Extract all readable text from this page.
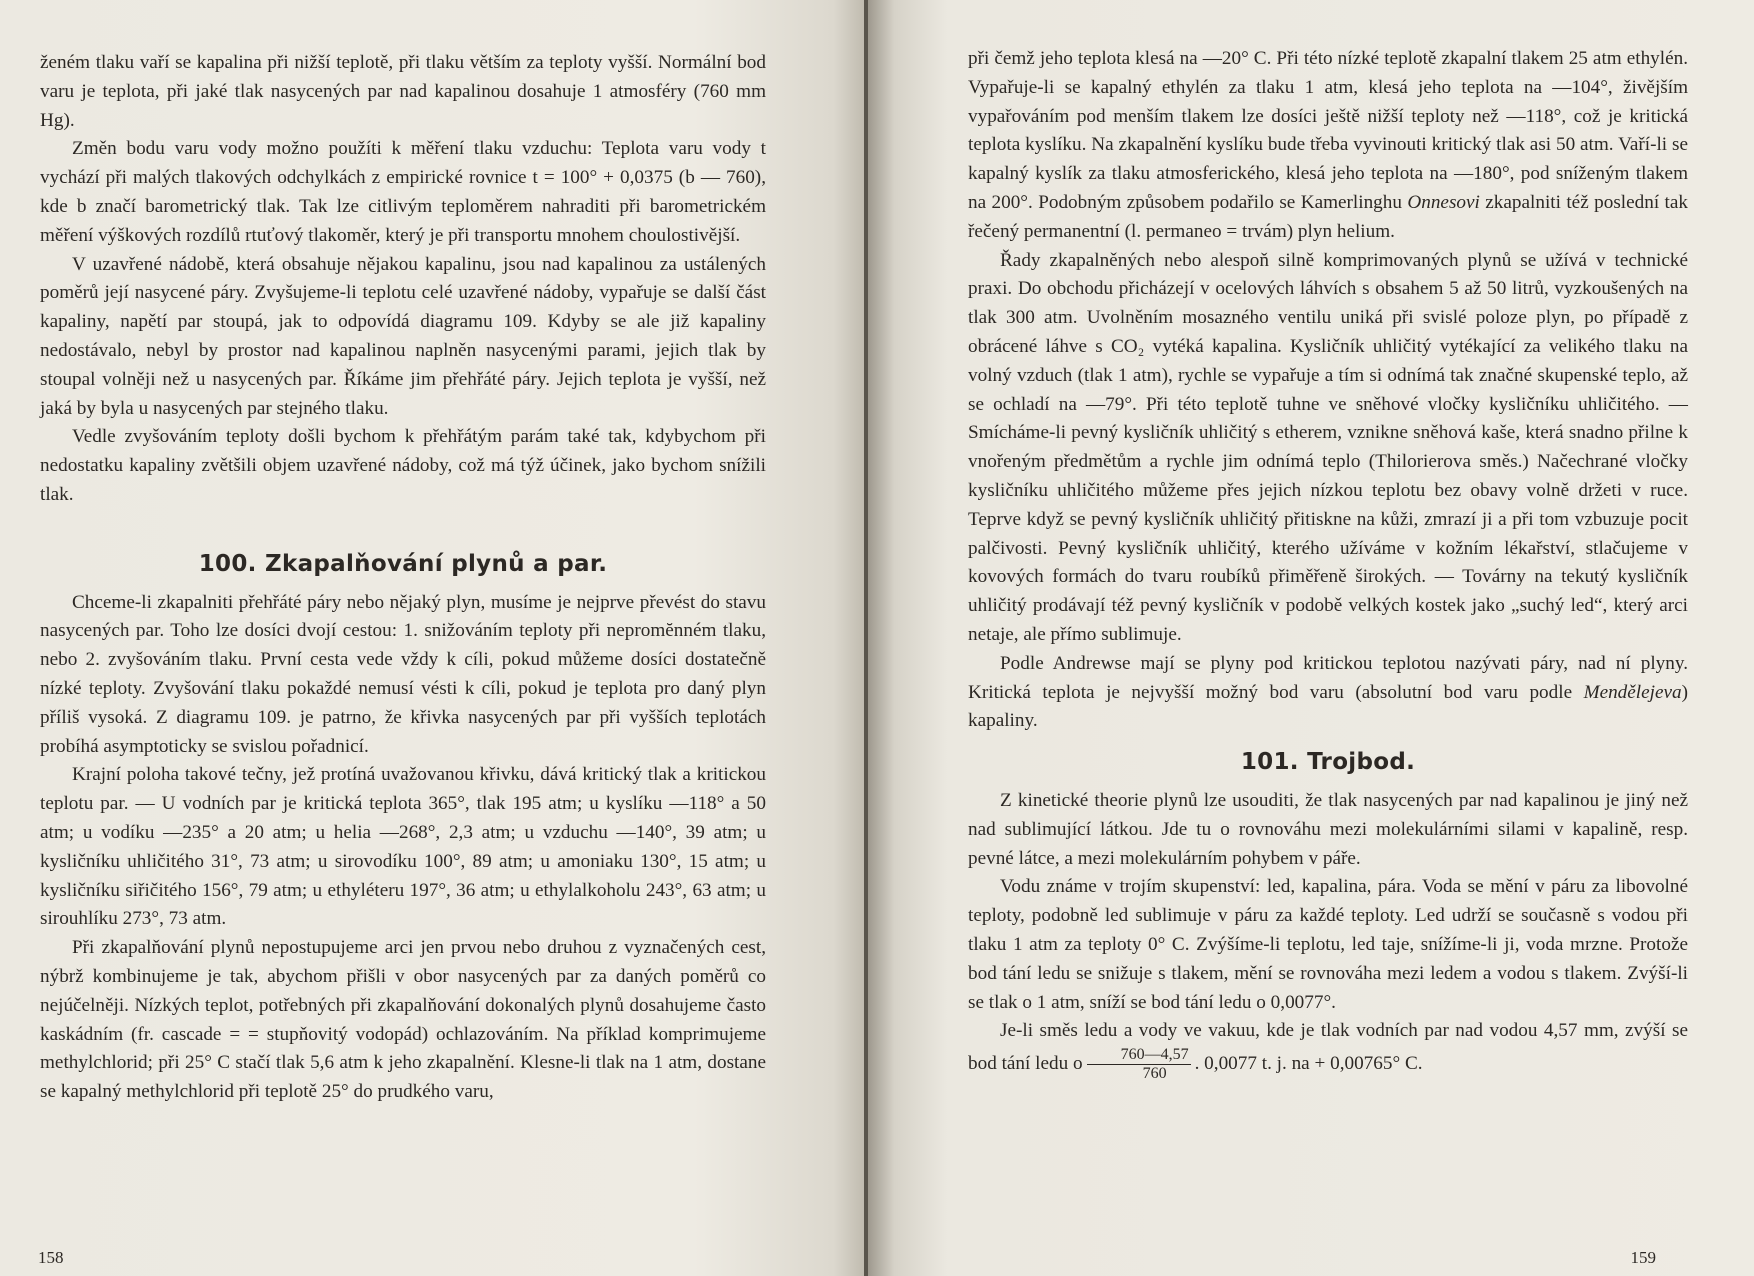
ženém tlaku vaří se kapalina při nižší teplotě, při tlaku větším za teploty vyšší. Normální bod varu je teplota, při jaké tlak nasycených par nad kapalinou dosahuje 1 atmosféry (760 mm Hg).

Změn bodu varu vody možno použíti k měření tlaku vzduchu: Teplota varu vody t vychází při malých tlakových odchylkách z empirické rovnice t = 100° + 0,0375 (b — 760), kde b značí barometrický tlak. Tak lze citlivým teploměrem nahraditi při barometrickém měření výškových rozdílů rtuťový tlakoměr, který je při transportu mnohem choulostivější.

V uzavřené nádobě, která obsahuje nějakou kapalinu, jsou nad kapalinou za ustálených poměrů její nasycené páry. Zvyšujeme-li teplotu celé uzavřené nádoby, vypařuje se další část kapaliny, napětí par stoupá, jak to odpovídá diagramu 109. Kdyby se ale již kapaliny nedostávalo, nebyl by prostor nad kapalinou naplněn nasycenými parami, jejich tlak by stoupal volněji než u nasycených par. Říkáme jim přehřáté páry. Jejich teplota je vyšší, než jaká by byla u nasycených par stejného tlaku.

Vedle zvyšováním teploty došli bychom k přehřátým parám také tak, kdybychom při nedostatku kapaliny zvětšili objem uzavřené nádoby, což má týž účinek, jako bychom snížili tlak.

100. Zkapalňování plynů a par.

Chceme-li zkapalniti přehřáté páry nebo nějaký plyn, musíme je nejprve převést do stavu nasycených par. Toho lze dosíci dvojí cestou: 1. snižováním teploty při nepromĕnném tlaku, nebo 2. zvyšováním tlaku. První cesta vede vždy k cíli, pokud můžeme dosíci dostatečně nízké teploty. Zvyšování tlaku pokaždé nemusí vésti k cíli, pokud je teplota pro daný plyn příliš vysoká. Z diagramu 109. je patrno, že křivka nasycených par při vyšších teplotách probíhá asymptoticky se svislou pořadnicí.

Krajní poloha takové tečny, jež protíná uvažovanou křivku, dává kritický tlak a kritickou teplotu par. — U vodních par je kritická teplota 365°, tlak 195 atm; u kyslíku —118° a 50 atm; u vodíku —235° a 20 atm; u helia —268°, 2,3 atm; u vzduchu —140°, 39 atm; u kysličníku uhličitého 31°, 73 atm; u sirovodíku 100°, 89 atm; u amoniaku 130°, 15 atm; u kysličníku siřičitého 156°, 79 atm; u ethyléteru 197°, 36 atm; u ethylalkoholu 243°, 63 atm; u sirouhlíku 273°, 73 atm.

Při zkapalňování plynů nepostupujeme arci jen prvou nebo druhou z vyznačených cest, nýbrž kombinujeme je tak, abychom přišli v obor nasycených par za daných poměrů co nejúčelněji. Nízkých teplot, potřebných při zkapalňování dokonalých plynů dosahujeme často kaskádním (fr. cascade = = stupňovitý vodopád) ochlazováním. Na příklad komprimujeme methylchlorid; při 25° C stačí tlak 5,6 atm k jeho zkapalnění. Klesne-li tlak na 1 atm, dostane se kapalný methylchlorid při teplotě 25° do prudkého varu,

158

při čemž jeho teplota klesá na —20° C. Při této nízké teplotě zkapalní tlakem 25 atm ethylén. Vypařuje-li se kapalný ethylén za tlaku 1 atm, klesá jeho teplota na —104°, živějším vypařováním pod menším tlakem lze dosíci ještě nižší teploty než —118°, což je kritická teplota kyslíku. Na zkapalnění kyslíku bude třeba vyvinouti kritický tlak asi 50 atm. Vaří-li se kapalný kyslík za tlaku atmosferického, klesá jeho teplota na —180°, pod sníženým tlakem na 200°. Podobným způsobem podařilo se Kamerlinghu Onnesovi zkapalniti též poslední tak řečený permanentní (l. permaneo = trvám) plyn helium.

Řady zkapalněných nebo alespoň silně komprimovaných plynů se užívá v technické praxi. Do obchodu přicházejí v ocelových láhvích s obsahem 5 až 50 litrů, vyzkoušených na tlak 300 atm. Uvolněním mosazného ventilu uniká při svislé poloze plyn, po případě z obrácené láhve s CO₂ vytéká kapalina. Kysličník uhličitý vytékající za velikého tlaku na volný vzduch (tlak 1 atm), rychle se vypařuje a tím si odnímá tak značné skupenské teplo, až se ochladí na —79°. Při této teplotě tuhne ve sněhové vločky kysličníku uhličitého. — Smícháme-li pevný kysličník uhličitý s etherem, vznikne sněhová kaše, která snadno přilne k vnořeným předmětům a rychle jim odnímá teplo (Thilorierova směs.) Načechrané vločky kysličníku uhličitého můžeme přes jejich nízkou teplotu bez obavy volně držeti v ruce. Teprve když se pevný kysličník uhličitý přitiskne na kůži, zmrazí ji a při tom vzbuzuje pocit palčivosti. Pevný kysličník uhličitý, kterého užíváme v kožním lékařství, stlačujeme v kovových formách do tvaru roubíků přiměřeně širokých. — Továrny na tekutý kysličník uhličitý prodávají též pevný kysličník v podobě velkých kostek jako „suchý led“, který arci netaje, ale přímo sublimuje.

Podle Andrewse mají se plyny pod kritickou teplotou nazývati páry, nad ní plyny. Kritická teplota je nejvyšší možný bod varu (absolutní bod varu podle Mendělejeva) kapaliny.

101. Trojbod.

Z kinetické theorie plynů lze usouditi, že tlak nasycených par nad kapalinou je jiný než nad sublimující látkou. Jde tu o rovnováhu mezi molekulárními silami v kapalině, resp. pevné látce, a mezi molekulárním pohybem v páře.

Vodu známe v trojím skupenství: led, kapalina, pára. Voda se mění v páru za libovolné teploty, podobně led sublimuje v páru za každé teploty. Led udrží se současně s vodou při tlaku 1 atm za teploty 0° C. Zvýšíme-li teplotu, led taje, snížíme-li ji, voda mrzne. Protože bod tání ledu se snižuje s tlakem, mění se rovnováha mezi ledem a vodou s tlakem. Zvýší-li se tlak o 1 atm, sníží se bod tání ledu o 0,0077°.

Je-li směs ledu a vody ve vakuu, kde je tlak vodních par nad vodou 4,57 mm, zvýší se bod tání ledu o $\frac{760—4,57}{760}$ . 0,0077 t. j. na + 0,00765° C.

159
